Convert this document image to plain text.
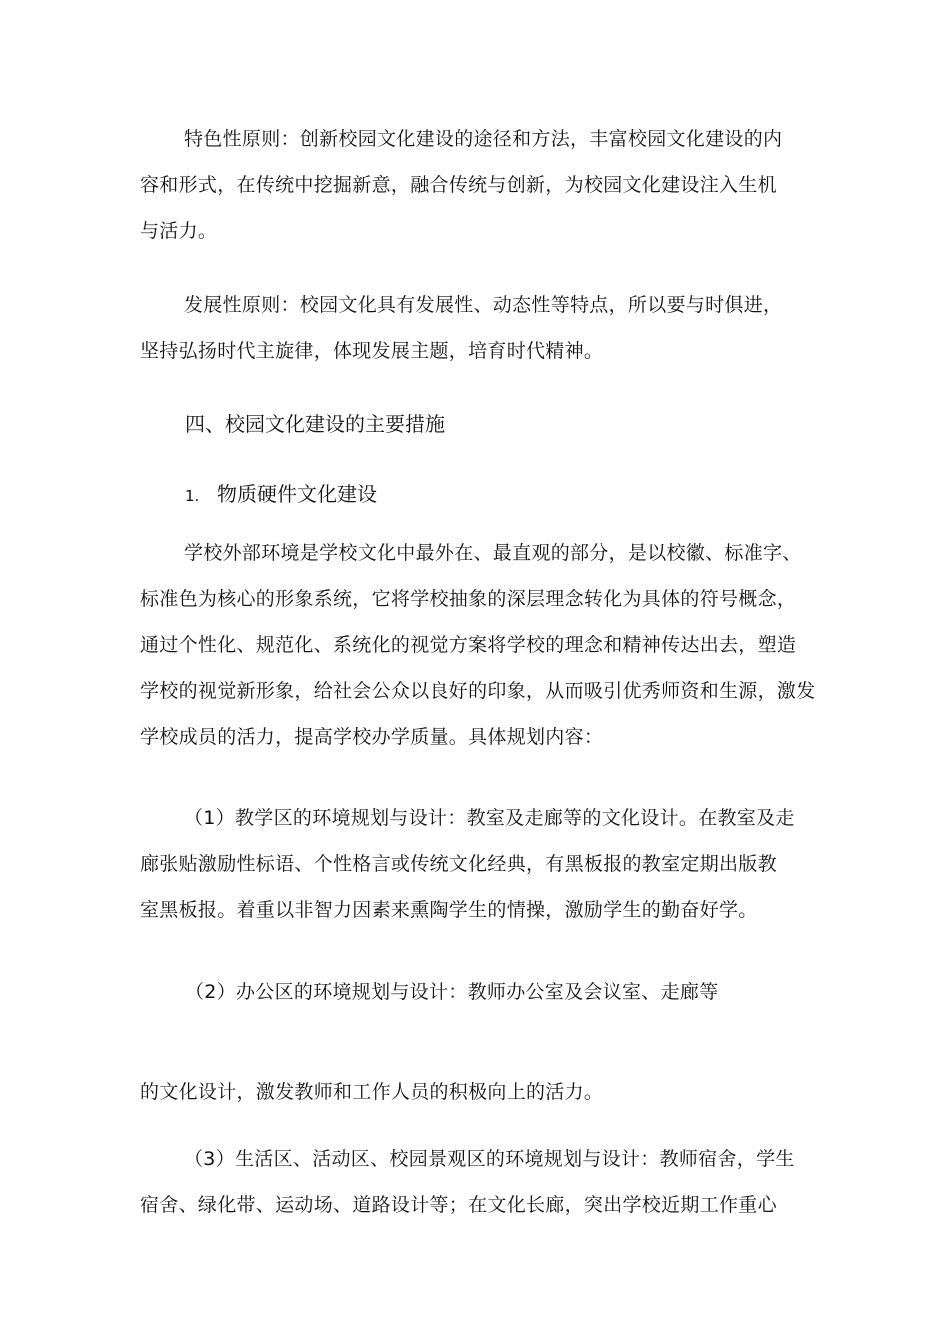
特色性原则：创新校园文化建设的途径和方法，丰富校园文化建设的内
容和形式，在传统中挖掘新意，融合传统与创新，为校园文化建设注入生机
与活力。
发展性原则：校园文化具有发展性、动态性等特点，所以要与时俱进，
坚持弘扬时代主旋律，体现发展主题，培育时代精神。
四、校园文化建设的主要措施
1. 物质硬件文化建设
学校外部环境是学校文化中最外在、最直观的部分，是以校徽、标准字、
标准色为核心的形象系统，它将学校抽象的深层理念转化为具体的符号概念，
通过个性化、规范化、系统化的视觉方案将学校的理念和精神传达出去，塑造
学校的视觉新形象，给社会公众以良好的印象，从而吸引优秀师资和生源，激发
学校成员的活力，提高学校办学质量。具体规划内容：
（1）教学区的环境规划与设计：教室及走廊等的文化设计。在教室及走
廊张贴激励性标语、个性格言或传统文化经典，有黑板报的教室定期出版教
室黑板报。着重以非智力因素来熏陶学生的情操，激励学生的勤奋好学。
（2）办公区的环境规划与设计：教师办公室及会议室、走廊等
的文化设计，激发教师和工作人员的积极向上的活力。
（3）生活区、活动区、校园景观区的环境规划与设计：教师宿舍，学生
宿舍、绿化带、运动场、道路设计等；在文化长廊，突出学校近期工作重心
